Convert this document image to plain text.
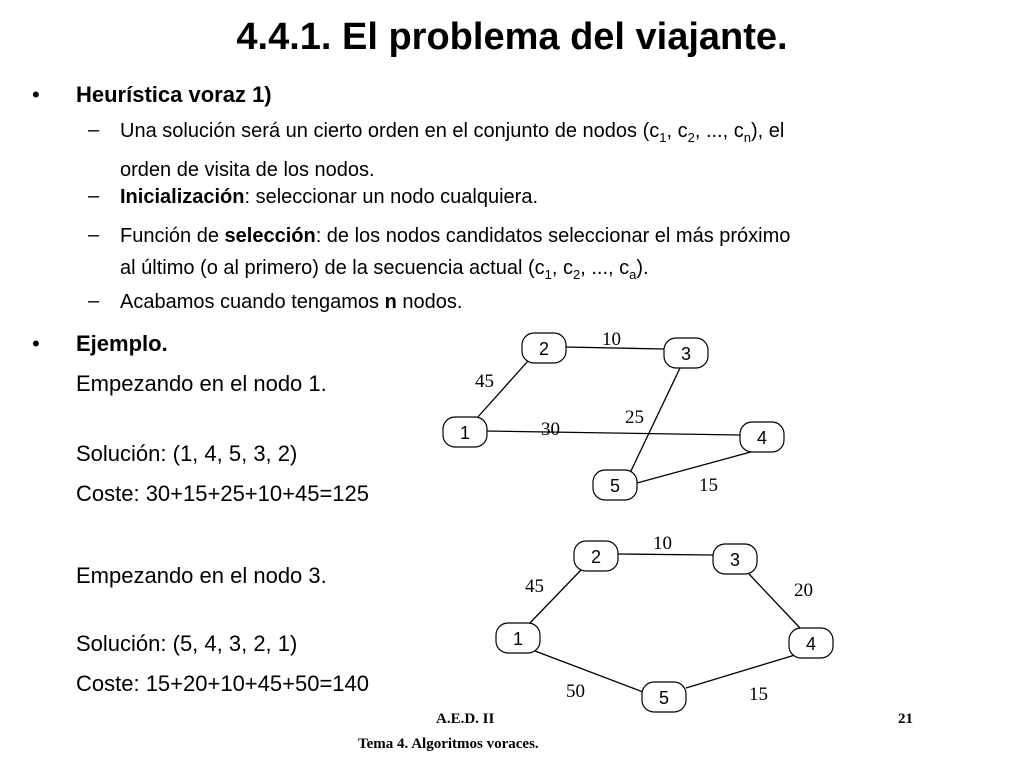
4.4.1. El problema del viajante.
• Heurística voraz 1)
– Una solución será un cierto orden en el conjunto de nodos ($c_1$, $c_2$, ..., $c_n$), el
orden de visita de los nodos.
– Inicialización: seleccionar un nodo cualquiera.
– Función de selección: de los nodos candidatos seleccionar el más próximo
al último (o al primero) de la secuencia actual ($c_1$, $c_2$, ..., $c_a$).
– Acabamos cuando tengamos n nodos.
• Ejemplo.
Empezando en el nodo 1.
Solución: (1, 4, 5, 3, 2)
Coste: 30+15+25+10+45=125
Empezando en el nodo 3.
Solución: (5, 4, 3, 2, 1)
Coste: 15+20+10+45+50=140
2	3
1	4
5
10
45
25
30
15
2	3
1	4
5
10
45	20
50	15
A.E.D. II	21
Tema 4. Algoritmos voraces.
